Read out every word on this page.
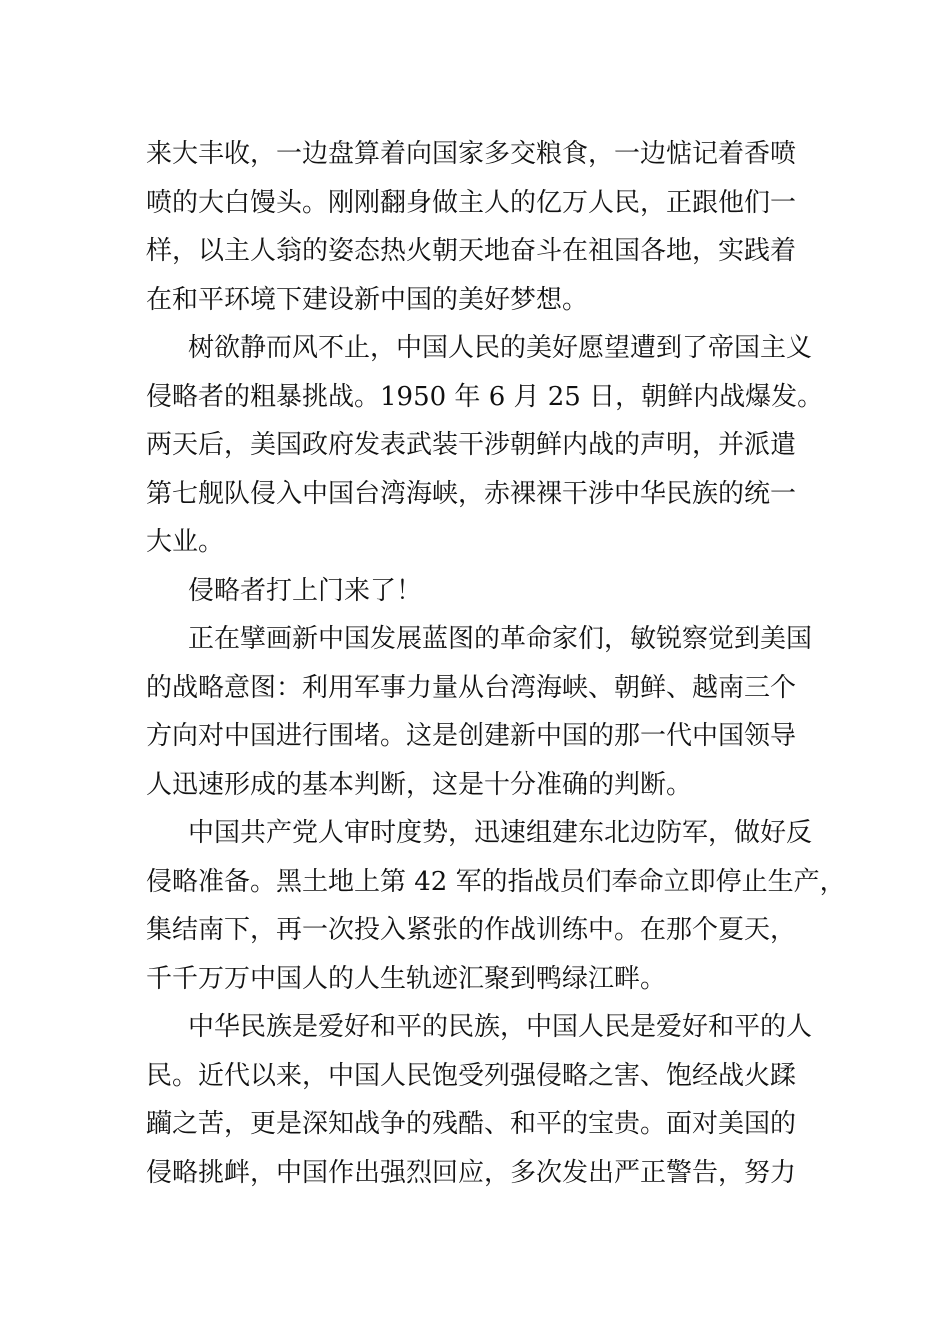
来大丰收，一边盘算着向国家多交粮食，一边惦记着香喷
喷的大白馒头。刚刚翻身做主人的亿万人民，正跟他们一
样，以主人翁的姿态热火朝天地奋斗在祖国各地，实践着
在和平环境下建设新中国的美好梦想。

树欲静而风不止，中国人民的美好愿望遭到了帝国主义
侵略者的粗暴挑战。1950 年 6 月 25 日，朝鲜内战爆发。
两天后，美国政府发表武装干涉朝鲜内战的声明，并派遣
第七舰队侵入中国台湾海峡，赤裸裸干涉中华民族的统一
大业。

侵略者打上门来了！

正在擘画新中国发展蓝图的革命家们，敏锐察觉到美国
的战略意图：利用军事力量从台湾海峡、朝鲜、越南三个
方向对中国进行围堵。这是创建新中国的那一代中国领导
人迅速形成的基本判断，这是十分准确的判断。

中国共产党人审时度势，迅速组建东北边防军，做好反
侵略准备。黑土地上第 42 军的指战员们奉命立即停止生产，
集结南下，再一次投入紧张的作战训练中。在那个夏天，
千千万万中国人的人生轨迹汇聚到鸭绿江畔。

中华民族是爱好和平的民族，中国人民是爱好和平的人
民。近代以来，中国人民饱受列强侵略之害、饱经战火蹂
躏之苦，更是深知战争的残酷、和平的宝贵。面对美国的
侵略挑衅，中国作出强烈回应，多次发出严正警告，努力
